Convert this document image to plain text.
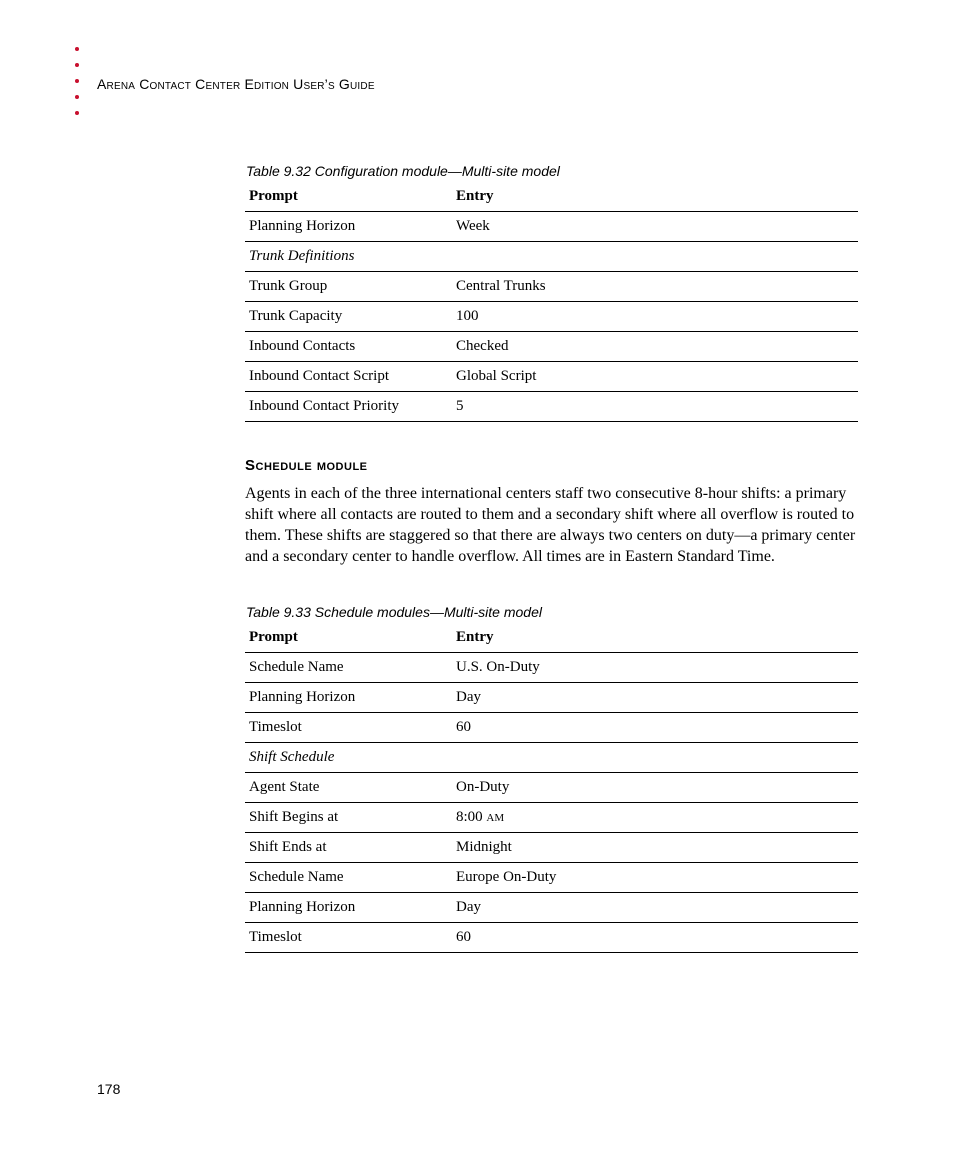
Arena Contact Center Edition User’s Guide
Table 9.32 Configuration module—Multi-site model
Prompt	Entry
Planning Horizon	Week
Trunk Definitions	
Trunk Group	Central Trunks
Trunk Capacity	100
Inbound Contacts	Checked
Inbound Contact Script	Global Script
Inbound Contact Priority	5
Schedule module

Agents in each of the three international centers staff two consecutive 8-hour shifts: a primary shift where all contacts are routed to them and a secondary shift where all overflow is routed to them. These shifts are staggered so that there are always two centers on duty—a primary center and a secondary center to handle overflow. All times are in Eastern Standard Time.

Table 9.33 Schedule modules—Multi-site model
Prompt	Entry
Schedule Name	U.S. On-Duty
Planning Horizon	Day
Timeslot	60
Shift Schedule	
Agent State	On-Duty
Shift Begins at	8:00 am
Shift Ends at	Midnight
Schedule Name	Europe On-Duty
Planning Horizon	Day
Timeslot	60
178
